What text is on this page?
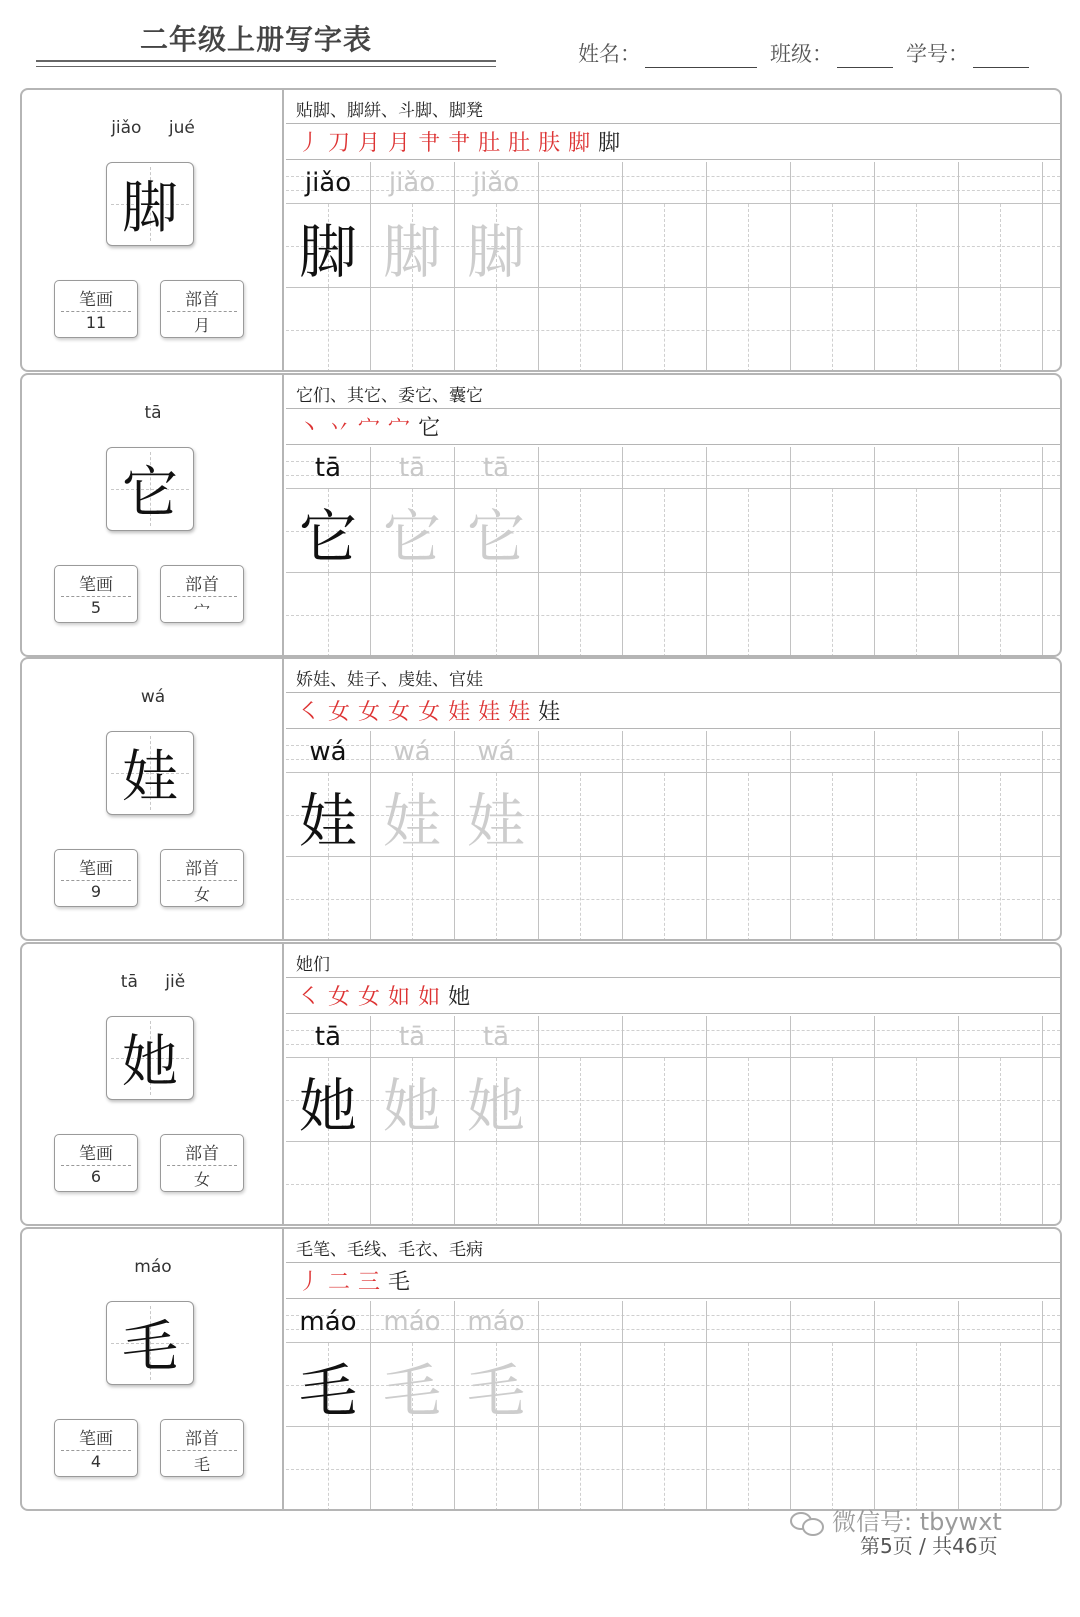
二年级上册写字表	姓名：	班级：	学号：
jiǎo jué
脚
笔画
11
部首
月
贴脚、脚絣、斗脚、脚凳
丿 刀 月 月 肀 肀 肚 肚 肤 脚 脚
jiǎo	jiǎo	jiǎo
脚 脚 脚
tā
它
笔画
5
部首
宀
它们、其它、委它、囊它
丶 丷 宀 宀 它
tā	tā	tā
它 它 它
wá
娃
笔画
9
部首
女
娇娃、娃子、虔娃、官娃
㇛ 女 女 女 女 娃 娃 娃 娃
wá	wá	wá
娃 娃 娃
tā jiě
她
笔画
6
部首
女
她们
㇛ 女 女 如 如 她
tā	tā	tā
她 她 她
máo
毛
笔画
4
部首
毛
毛笔、毛线、毛衣、毛病
丿 二 三 毛
máo	máo	máo
毛 毛 毛
微信号: tbywxt
第5页 / 共46页
